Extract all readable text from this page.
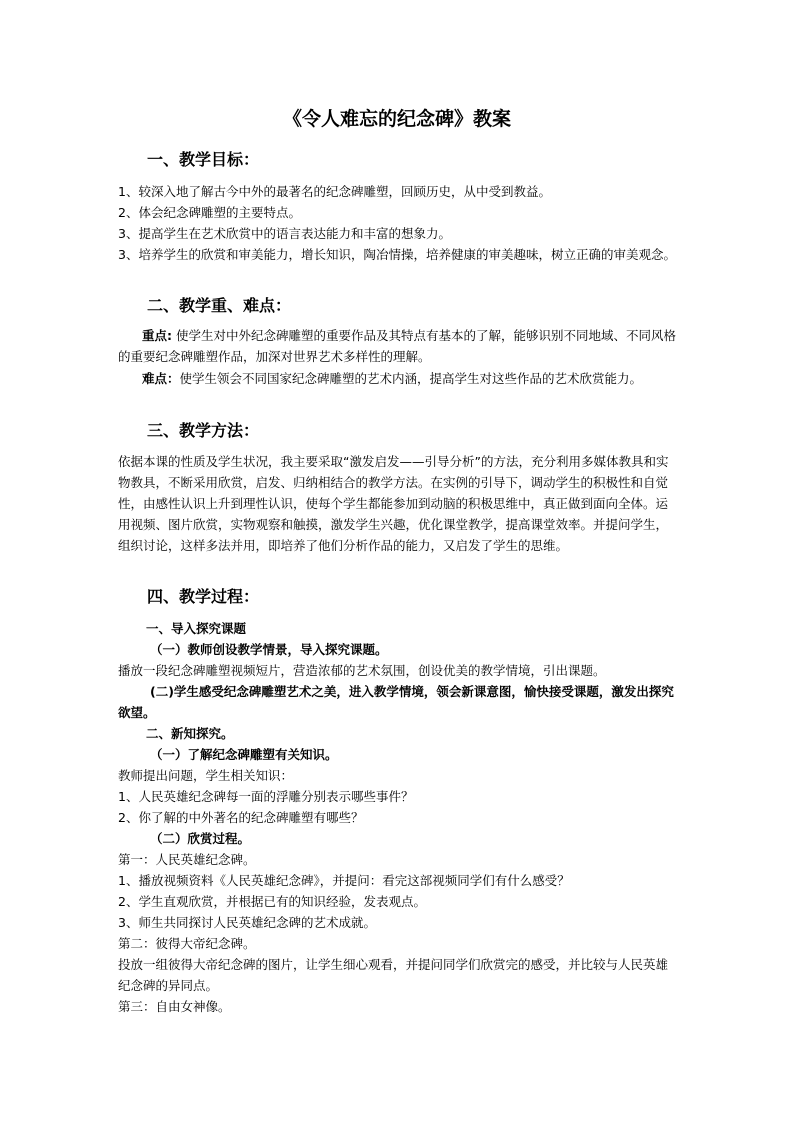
《令人难忘的纪念碑》教案
一、教学目标：
1、较深入地了解古今中外的最著名的纪念碑雕塑，回顾历史，从中受到教益。
2、体会纪念碑雕塑的主要特点。
3、提高学生在艺术欣赏中的语言表达能力和丰富的想象力。
3、培养学生的欣赏和审美能力，增长知识，陶冶情操，培养健康的审美趣味，树立正确的审美观念。
二、教学重、难点：
重点: 使学生对中外纪念碑雕塑的重要作品及其特点有基本的了解，能够识别不同地域、不同风格的重要纪念碑雕塑作品，加深对世界艺术多样性的理解。
难点：使学生领会不同国家纪念碑雕塑的艺术内涵，提高学生对这些作品的艺术欣赏能力。
三、教学方法：
依据本课的性质及学生状况，我主要采取“激发启发——引导分析”的方法，充分利用多媒体教具和实物教具，不断采用欣赏，启发、归纳相结合的教学方法。在实例的引导下，调动学生的积极性和自觉性，由感性认识上升到理性认识，使每个学生都能参加到动脑的积极思维中，真正做到面向全体。运用视频、图片欣赏，实物观察和触摸，激发学生兴趣，优化课堂教学，提高课堂效率。并提问学生，组织讨论，这样多法并用，即培养了他们分析作品的能力，又启发了学生的思维。
四、教学过程：
一、导入探究课题
（一）教师创设教学情景，导入探究课题。
播放一段纪念碑雕塑视频短片，营造浓郁的艺术氛围，创设优美的教学情境，引出课题。
(二)学生感受纪念碑雕塑艺术之美，进入教学情境，领会新课意图，愉快接受课题，激发出探究欲望。
二、新知探究。
（一）了解纪念碑雕塑有关知识。
教师提出问题，学生相关知识：
1、人民英雄纪念碑每一面的浮雕分别表示哪些事件？
2、你了解的中外著名的纪念碑雕塑有哪些？
（二）欣赏过程。
第一：人民英雄纪念碑。
1、播放视频资料《人民英雄纪念碑》，并提问：看完这部视频同学们有什么感受？
2、学生直观欣赏，并根据已有的知识经验，发表观点。
3、师生共同探讨人民英雄纪念碑的艺术成就。
第二：彼得大帝纪念碑。
投放一组彼得大帝纪念碑的图片，让学生细心观看，并提问同学们欣赏完的感受，并比较与人民英雄纪念碑的异同点。
第三：自由女神像。
